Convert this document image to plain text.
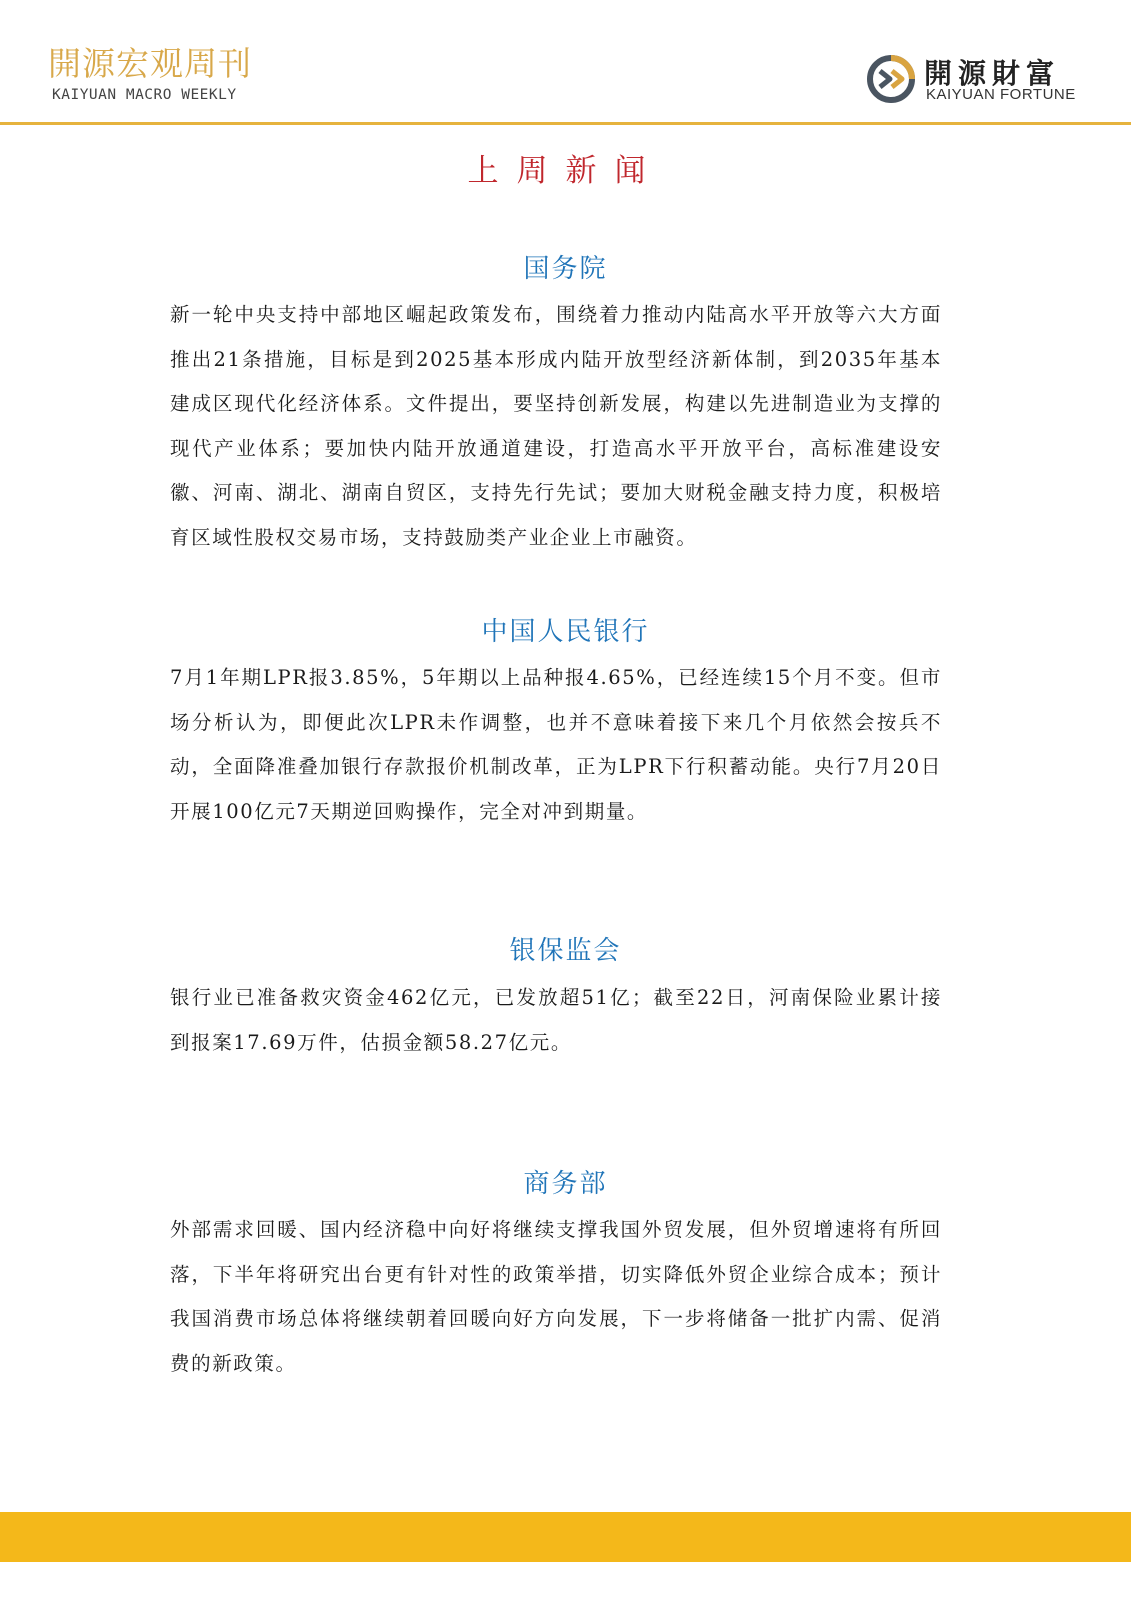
開源宏观周刊
KAIYUAN MACRO WEEKLY
開源財富
KAIYUAN FORTUNE
上周新闻
国务院

新一轮中央支持中部地区崛起政策发布，围绕着力推动内陆高水平开放等六大方面推出21条措施，目标是到2025基本形成内陆开放型经济新体制，到2035年基本建成区现代化经济体系。文件提出，要坚持创新发展，构建以先进制造业为支撑的现代产业体系；要加快内陆开放通道建设，打造高水平开放平台，高标准建设安徽、河南、湖北、湖南自贸区，支持先行先试；要加大财税金融支持力度，积极培育区域性股权交易市场，支持鼓励类产业企业上市融资。

中国人民银行

7月1年期LPR报3.85%，5年期以上品种报4.65%，已经连续15个月不变。但市场分析认为，即便此次LPR未作调整，也并不意味着接下来几个月依然会按兵不动，全面降准叠加银行存款报价机制改革，正为LPR下行积蓄动能。央行7月20日开展100亿元7天期逆回购操作，完全对冲到期量。

银保监会

银行业已准备救灾资金462亿元，已发放超51亿；截至22日，河南保险业累计接到报案17.69万件，估损金额58.27亿元。

商务部

外部需求回暖、国内经济稳中向好将继续支撑我国外贸发展，但外贸增速将有所回落，下半年将研究出台更有针对性的政策举措，切实降低外贸企业综合成本；预计我国消费市场总体将继续朝着回暖向好方向发展，下一步将储备一批扩内需、促消费的新政策。
